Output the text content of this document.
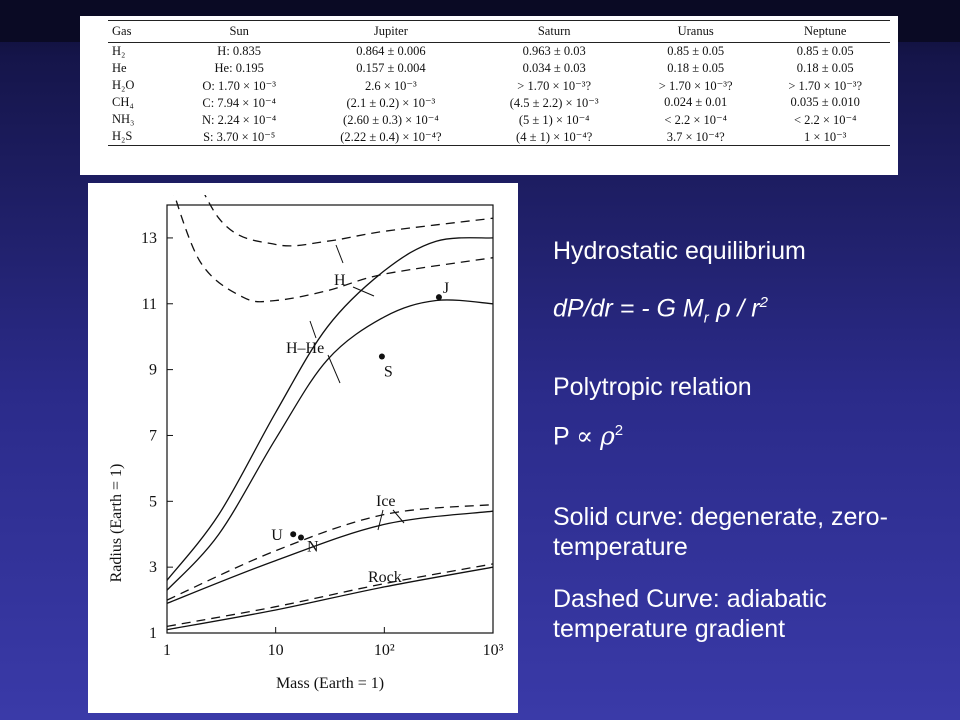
Gas	Sun	Jupiter	Saturn	Uranus	Neptune
H₂	H: 0.835	0.864 ± 0.006	0.963 ± 0.03	0.85 ± 0.05	0.85 ± 0.05
He	He: 0.195	0.157 ± 0.004	0.034 ± 0.03	0.18 ± 0.05	0.18 ± 0.05
H₂O	O: 1.70 × 10⁻³	2.6 × 10⁻³	> 1.70 × 10⁻³?	> 1.70 × 10⁻³?	> 1.70 × 10⁻³?
CH₄	C: 7.94 × 10⁻⁴	(2.1 ± 0.2) × 10⁻³	(4.5 ± 2.2) × 10⁻³	0.024 ± 0.01	0.035 ± 0.010
NH₃	N: 2.24 × 10⁻⁴	(2.60 ± 0.3) × 10⁻⁴	(5 ± 1) × 10⁻⁴	< 2.2 × 10⁻⁴	< 2.2 × 10⁻⁴
H₂S	S: 3.70 × 10⁻⁵	(2.22 ± 0.4) × 10⁻⁴?	(4 ± 1) × 10⁻⁴?	3.7 × 10⁻⁴?	1 × 10⁻³
1
3
5
7
9
11
13
1	10	10²	10³
Mass (Earth = 1)
Radius (Earth = 1)
H
H–He
Ice
Rock
J
S
U
N
Hydrostatic equilibrium
dP/dr = - G $M_r$ ρ / $r^2$
Polytropic relation
$P \propto \rho^2$
Solid curve: degenerate, zero-temperature
Dashed Curve: adiabatic temperature gradient
